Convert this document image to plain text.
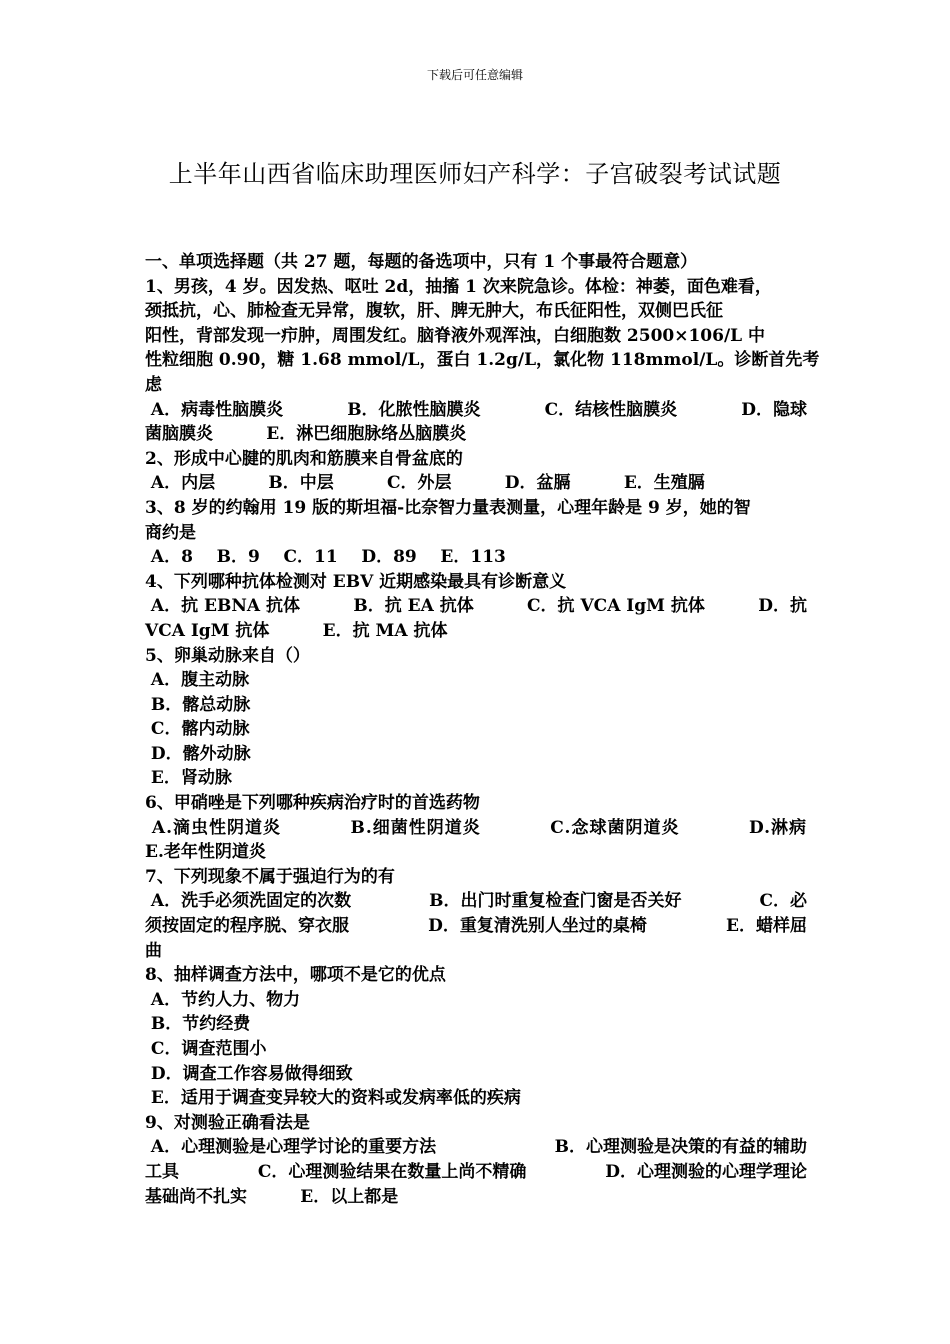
下载后可任意编辑
上半年山西省临床助理医师妇产科学：子宫破裂考试试题
一、单项选择题（共 27 题，每题的备选项中，只有 1 个事最符合题意）
1、男孩，4 岁。因发热、呕吐 2d，抽搐 1 次来院急诊。体检：神萎，面色难看，
颈抵抗，心、肺检查无异常，腹软，肝、脾无肿大，布氏征阳性，双侧巴氏征
阳性，背部发现一疖肿，周围发红。脑脊液外观浑浊，白细胞数 2500×106/L 中
性粒细胞 0.90，糖 1.68 mmol/L，蛋白 1.2g/L，氯化物 118mmol/L。诊断首先考
虑
A．病毒性脑膜炎	B．化脓性脑膜炎	C．结核性脑膜炎	D．隐球
菌脑膜炎         E．淋巴细胞脉络丛脑膜炎
2、形成中心腱的肌肉和筋膜来自骨盆底的
A．内层         B．中层         C．外层         D．盆膈         E．生殖膈
3、8 岁的约翰用 19 版的斯坦福-比奈智力量表测量，心理年龄是 9 岁，她的智
商约是
A．8    B．9    C．11    D．89    E．113
4、下列哪种抗体检测对 EBV 近期感染最具有诊断意义
A．抗 EBNA 抗体	B．抗 EA 抗体	C．抗 VCA IgM 抗体	D．抗
VCA IgM 抗体         E．抗 MA 抗体
5、卵巢动脉来自（）
A．腹主动脉
B．髂总动脉
C．髂内动脉
D．髂外动脉
E．肾动脉
6、甲硝唑是下列哪种疾病治疗时的首选药物
A.滴虫性阴道炎	B.细菌性阴道炎	C.念球菌阴道炎	D.淋病
E.老年性阴道炎
7、下列现象不属于强迫行为的有
A．洗手必须洗固定的次数	B．出门时重复检查门窗是否关好	C．必
须按固定的程序脱、穿衣服	D．重复清洗别人坐过的桌椅	E．蜡样屈
曲
8、抽样调查方法中，哪项不是它的优点
A．节约人力、物力
B．节约经费
C．调查范围小
D．调查工作容易做得细致
E．适用于调查变异较大的资料或发病率低的疾病
9、对测验正确看法是
A．心理测验是心理学讨论的重要方法	B．心理测验是决策的有益的辅助
工具	C．心理测验结果在数量上尚不精确	D．心理测验的心理学理论
基础尚不扎实         E．以上都是
